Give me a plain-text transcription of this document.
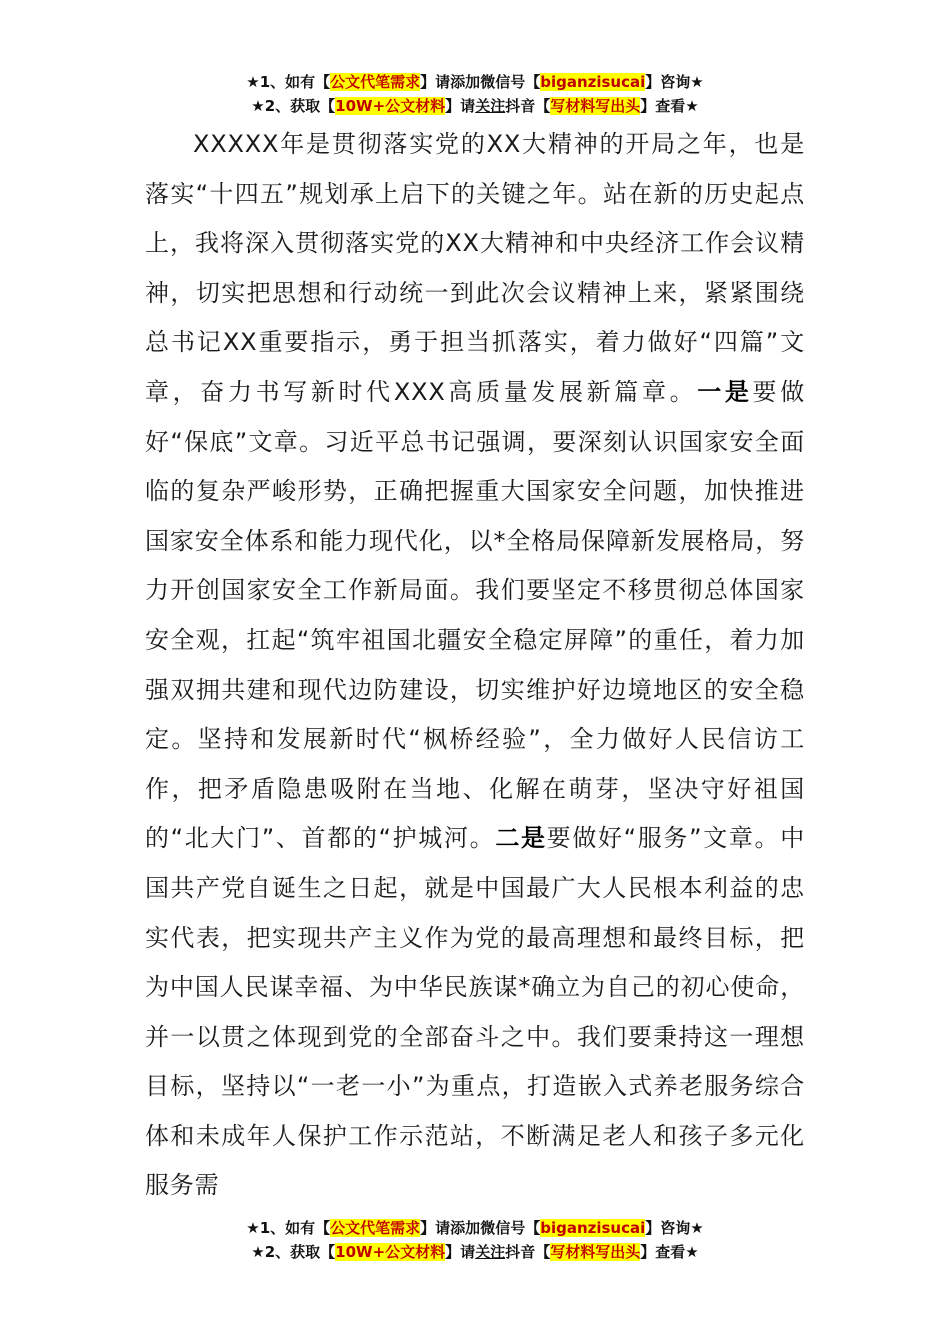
★1、如有【公文代笔需求】请添加微信号【biganzisucai】咨询★
★2、获取【10W+公文材料】请关注抖音【写材料写出头】查看★

XXXXX年是贯彻落实党的XX大精神的开局之年，也是落实“十四五”规划承上启下的关键之年。站在新的历史起点上，我将深入贯彻落实党的XX大精神和中央经济工作会议精神，切实把思想和行动统一到此次会议精神上来，紧紧围绕总书记XX重要指示，勇于担当抓落实，着力做好“四篇”文章，奋力书写新时代XXX高质量发展新篇章。一是要做好“保底”文章。习近平总书记强调，要深刻认识国家安全面临的复杂严峻形势，正确把握重大国家安全问题，加快推进国家安全体系和能力现代化，以*全格局保障新发展格局，努力开创国家安全工作新局面。我们要坚定不移贯彻总体国家安全观，扛起“筑牢祖国北疆安全稳定屏障”的重任，着力加强双拥共建和现代边防建设，切实维护好边境地区的安全稳定。坚持和发展新时代“枫桥经验”，全力做好人民信访工作，把矛盾隐患吸附在当地、化解在萌芽，坚决守好祖国的“北大门”、首都的“护城河。二是要做好“服务”文章。中国共产党自诞生之日起，就是中国最广大人民根本利益的忠实代表，把实现共产主义作为党的最高理想和最终目标，把为中国人民谋幸福、为中华民族谋*确立为自己的初心使命，并一以贯之体现到党的全部奋斗之中。我们要秉持这一理想目标，坚持以“一老一小”为重点，打造嵌入式养老服务综合体和未成年人保护工作示范站，不断满足老人和孩子多元化服务需

★1、如有【公文代笔需求】请添加微信号【biganzisucai】咨询★
★2、获取【10W+公文材料】请关注抖音【写材料写出头】查看★
